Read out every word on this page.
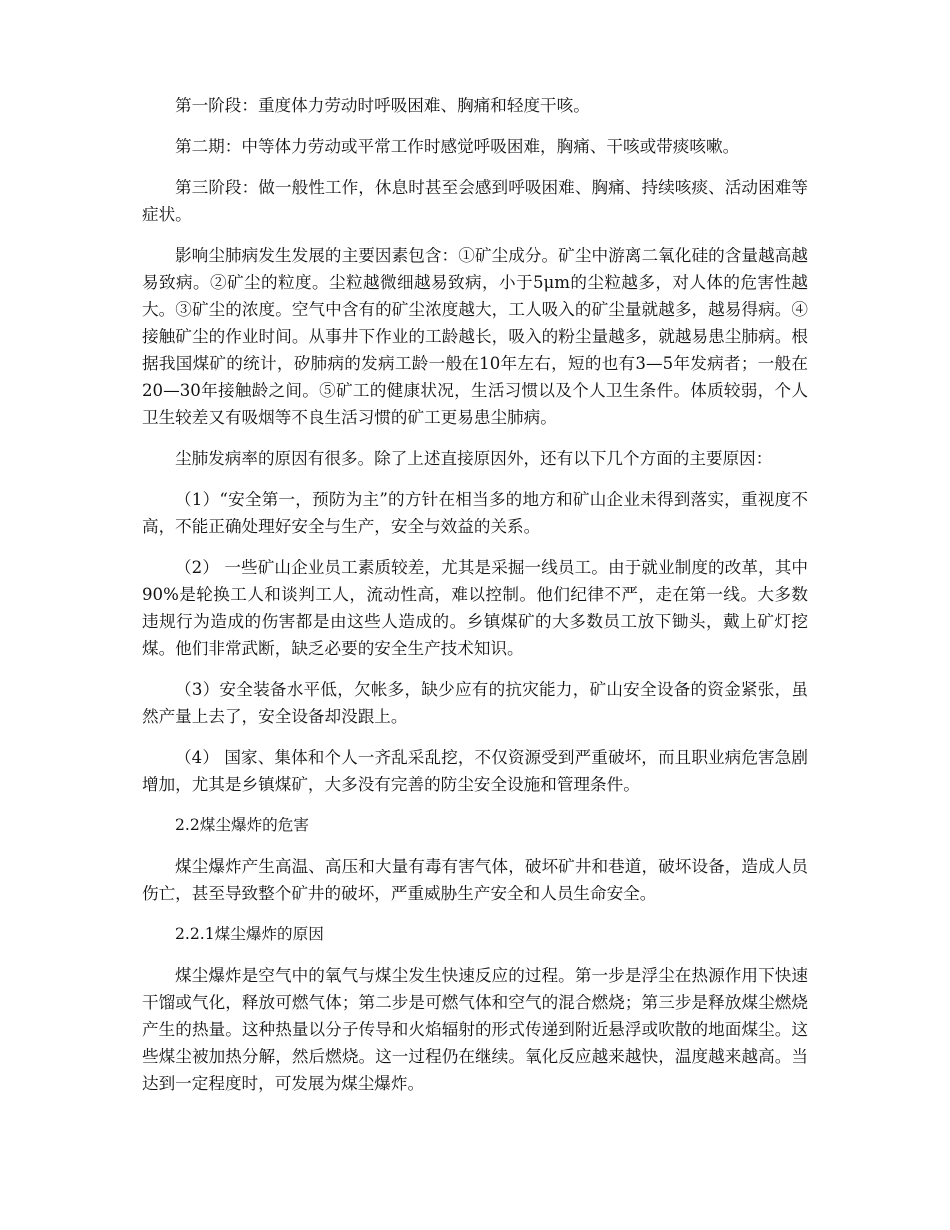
第一阶段：重度体力劳动时呼吸困难、胸痛和轻度干咳。

第二期：中等体力劳动或平常工作时感觉呼吸困难，胸痛、干咳或带痰咳嗽。

第三阶段：做一般性工作，休息时甚至会感到呼吸困难、胸痛、持续咳痰、活动困难等症状。

影响尘肺病发生发展的主要因素包含：①矿尘成分。矿尘中游离二氧化硅的含量越高越易致病。②矿尘的粒度。尘粒越微细越易致病，小于5μm的尘粒越多，对人体的危害性越大。③矿尘的浓度。空气中含有的矿尘浓度越大，工人吸入的矿尘量就越多，越易得病。④接触矿尘的作业时间。从事井下作业的工龄越长，吸入的粉尘量越多，就越易患尘肺病。根据我国煤矿的统计，矽肺病的发病工龄一般在10年左右，短的也有3—5年发病者；一般在20—30年接触龄之间。⑤矿工的健康状况，生活习惯以及个人卫生条件。体质较弱，个人卫生较差又有吸烟等不良生活习惯的矿工更易患尘肺病。

尘肺发病率的原因有很多。除了上述直接原因外，还有以下几个方面的主要原因：

（1）“安全第一，预防为主”的方针在相当多的地方和矿山企业未得到落实，重视度不高，不能正确处理好安全与生产，安全与效益的关系。

（2） 一些矿山企业员工素质较差，尤其是采掘一线员工。由于就业制度的改革，其中90%是轮换工人和谈判工人，流动性高，难以控制。他们纪律不严，走在第一线。大多数违规行为造成的伤害都是由这些人造成的。乡镇煤矿的大多数员工放下锄头，戴上矿灯挖煤。他们非常武断，缺乏必要的安全生产技术知识。

（3）安全装备水平低，欠帐多，缺少应有的抗灾能力，矿山安全设备的资金紧张，虽然产量上去了，安全设备却没跟上。

（4） 国家、集体和个人一齐乱采乱挖，不仅资源受到严重破坏，而且职业病危害急剧增加，尤其是乡镇煤矿，大多没有完善的防尘安全设施和管理条件。

2.2煤尘爆炸的危害

煤尘爆炸产生高温、高压和大量有毒有害气体，破坏矿井和巷道，破坏设备，造成人员伤亡，甚至导致整个矿井的破坏，严重威胁生产安全和人员生命安全。

2.2.1煤尘爆炸的原因

煤尘爆炸是空气中的氧气与煤尘发生快速反应的过程。第一步是浮尘在热源作用下快速干馏或气化，释放可燃气体；第二步是可燃气体和空气的混合燃烧；第三步是释放煤尘燃烧产生的热量。这种热量以分子传导和火焰辐射的形式传递到附近悬浮或吹散的地面煤尘。这些煤尘被加热分解，然后燃烧。这一过程仍在继续。氧化反应越来越快，温度越来越高。当达到一定程度时，可发展为煤尘爆炸。
